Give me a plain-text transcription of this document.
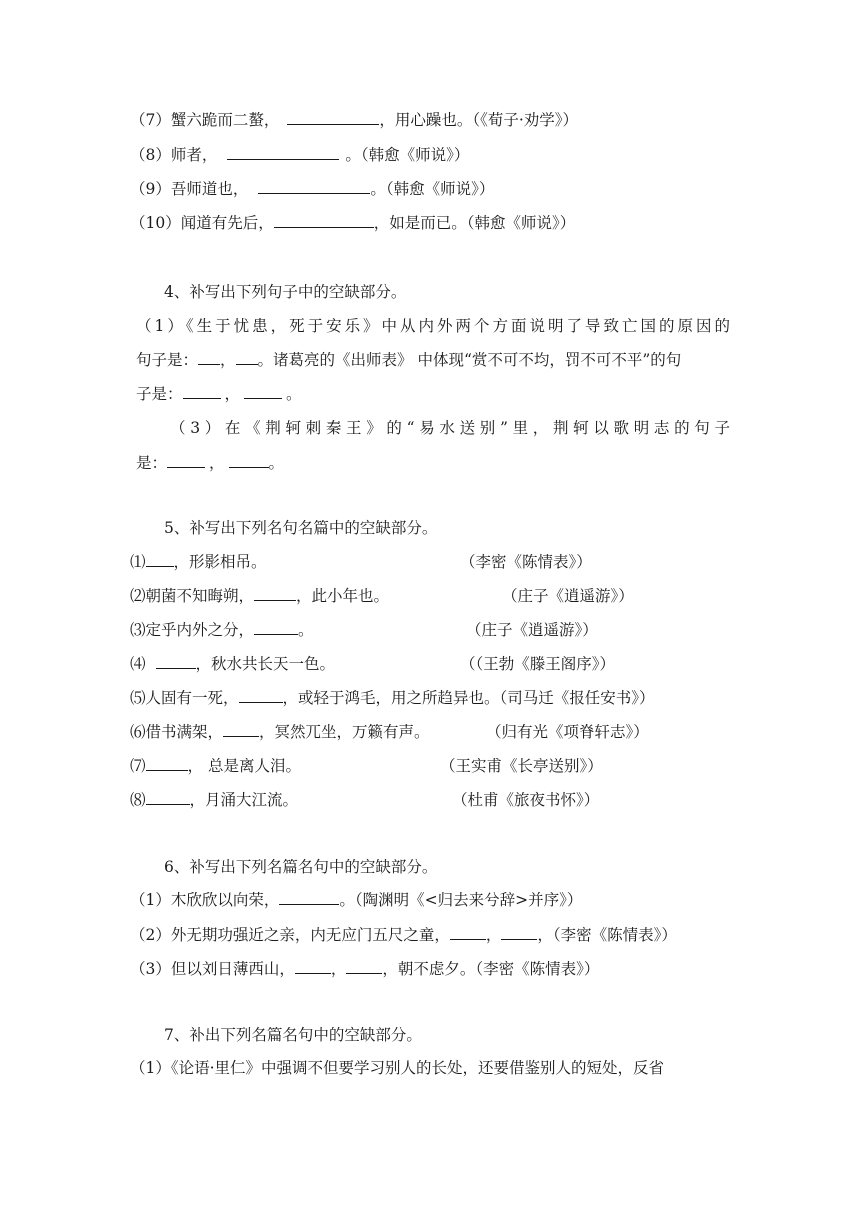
（7）蟹六跪而二螯，	，用心躁也。（《荀子·劝学》）
（8）师者，	。（韩愈《师说》）
（9）吾师道也，	。（韩愈《师说》）
（10）闻道有先后，	，如是而已。（韩愈《师说》）
4、补写出下列句子中的空缺部分。
（1）《生于忧患，死于安乐》中从内外两个方面说明了导致亡国的原因的
句子是： ， 。诸葛亮的《出师表》 中体现“赏不可不均，罚不可不平”的句
子是：	，	。
（3）在《荆轲刺秦王》的“易水送别”里，荆轲以歌明志的句子
是：	，	。
5、补写出下列名句名篇中的空缺部分。
⑴ ，形影相吊。	（李密《陈情表》）
⑵朝菌不知晦朔，	，此小年也。	（庄子《逍遥游》）
⑶定乎内外之分，	。	（庄子《逍遥游》）
⑷	，秋水共长天一色。	（（王勃《滕王阁序》）
⑸人固有一死，	，或轻于鸿毛，用之所趋异也。（司马迁《报任安书》）
⑹借书满架， ，冥然兀坐，万籁有声。	（归有光《项脊轩志》）
⑺	， 总是离人泪。	（王实甫《长亭送别》）
⑻	，月涌大江流。	（杜甫《旅夜书怀》）
6、补写出下列名篇名句中的空缺部分。
（1）木欣欣以向荣，	。（陶渊明《<归去来兮辞>并序》）
（2）外无期功强近之亲，内无应门五尺之童， ， ，（李密《陈情表》）
（3）但以刘日薄西山， ， ，朝不虑夕。（李密《陈情表》）
7、补出下列名篇名句中的空缺部分。
（1）《论语·里仁》中强调不但要学习别人的长处，还要借鉴别人的短处，反省
